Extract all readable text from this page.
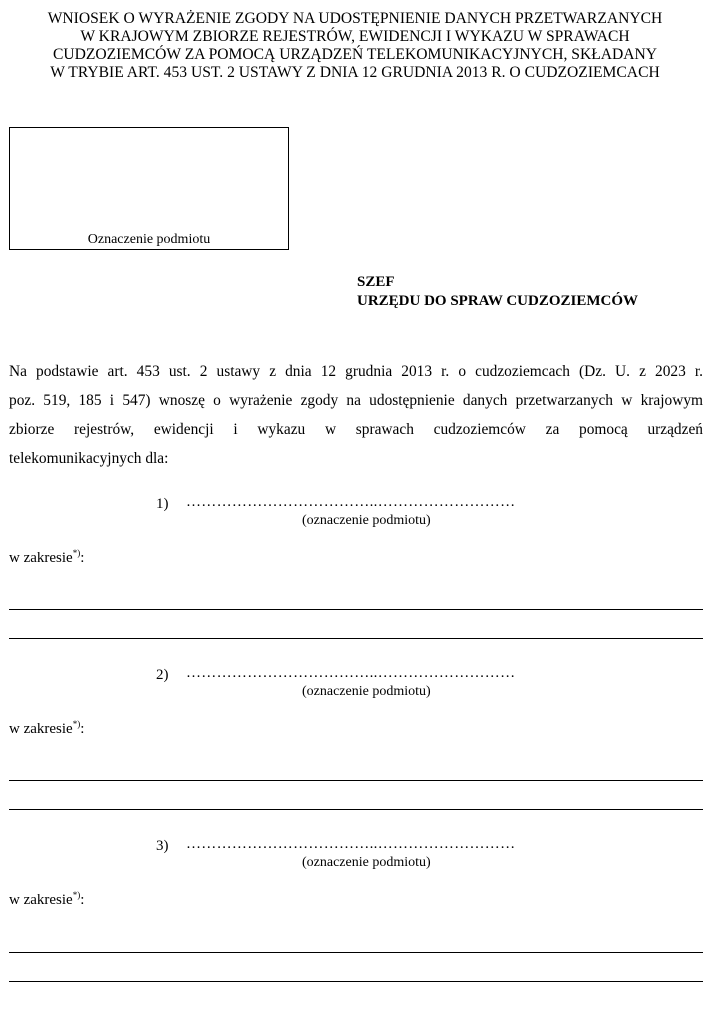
WNIOSEK O WYRAŻENIE ZGODY NA UDOSTĘPNIENIE DANYCH PRZETWARZANYCH
W KRAJOWYM ZBIORZE REJESTRÓW, EWIDENCJI I WYKAZU W SPRAWACH
CUDZOZIEMCÓW ZA POMOCĄ URZĄDZEŃ TELEKOMUNIKACYJNYCH, SKŁADANY
W TRYBIE ART. 453 UST. 2 USTAWY Z DNIA 12 GRUDNIA 2013 R. O CUDZOZIEMCACH
Oznaczenie podmiotu
SZEF
URZĘDU DO SPRAW CUDZOZIEMCÓW
Na podstawie art. 453 ust. 2 ustawy z dnia 12 grudnia 2013 r. o cudzoziemcach (Dz. U. z 2023 r.
poz. 519, 185 i 547) wnoszę o wyrażenie zgody na udostępnienie danych przetwarzanych w krajowym
zbiorze rejestrów, ewidencji i wykazu w sprawach cudzoziemców za pomocą urządzeń
telekomunikacyjnych dla:
1) ………………………………..………………………
(oznaczenie podmiotu)
w zakresie*):
2) ………………………………..………………………
(oznaczenie podmiotu)
w zakresie*):
3) ………………………………..………………………
(oznaczenie podmiotu)
w zakresie*):
